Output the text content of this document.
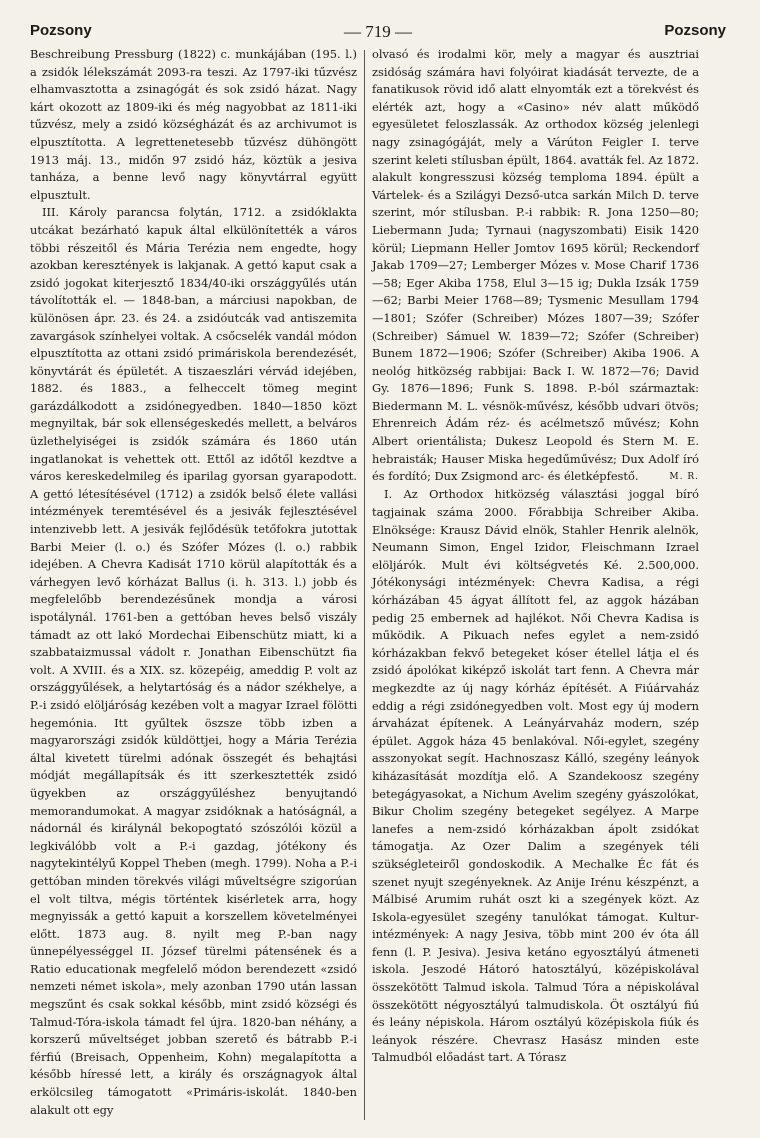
Pozsony	— 719 —	Pozsony

Beschreibung Pressburg (1822) c. munkájában (195. l.) a zsidók lélekszámát 2093-ra teszi. Az 1797-iki tűzvész elhamvasztotta a zsinagógát és sok zsidó házat. Nagy kárt okozott az 1809-iki és még nagyobbat az 1811-iki tűzvész, mely a zsidó községházát és az archivumot is elpusztította. A legrettenetesebb tűzvész dühöngött 1913 máj. 13., midőn 97 zsidó ház, köztük a jesiva tanháza, a benne levő nagy könyvtárral együtt elpusztult.

III. Károly parancsa folytán, 1712. a zsidóklakta utcákat bezárható kapuk által elkülönítették a város többi részeitől és Mária Terézia nem engedte, hogy azokban keresztények is lakjanak. A gettó kaput csak a zsidó jogokat kiterjesztő 1834/40-iki országgyűlés után távolították el. — 1848-ban, a márciusi napokban, de különösen ápr. 23. és 24. a zsidóutcák vad antiszemita zavargások színhelyei voltak. A csőcselék vandál módon elpusztította az ottani zsidó primáriskola berendezését, könyvtárát és épületét. A tiszaeszlári vérvád idejében, 1882. és 1883., a felheccelt tömeg megint garázdálkodott a zsidónegyedben. 1840—1850 közt megnyiltak, bár sok ellenségeskedés mellett, a belváros üzlethelyiségei is zsidók számára és 1860 után ingatlanokat is vehettek ott. Ettől az időtől kezdtve a város kereskedelmileg és iparilag gyorsan gyarapodott. A gettó létesítésével (1712) a zsidók belső élete vallási intézmények teremtésével és a jesivák fejlesztésével intenzivebb lett. A jesivák fejlődésük tetőfokra jutottak Barbi Meier (l. o.) és Szófer Mózes (l. o.) rabbik idejében. A Chevra Kadisát 1710 körül alapították és a várhegyen levő kórházat Ballus (i. h. 313. l.) jobb és megfelelőbb berendezésűnek mondja a városi ispotálynál. 1761-ben a gettóban heves belső viszály támadt az ott lakó Mordechai Eibenschütz miatt, ki a szabbataizmussal vádolt r. Jonathan Eibenschützt fia volt. A XVIII. és a XIX. sz. közepéig, ameddig P. volt az országgyűlések, a helytartóság és a nádor székhelye, a P.-i zsidó elöljáróság kezében volt a magyar Izrael fölötti hegemónia. Itt gyűltek öszsze több izben a magyarországi zsidók küldöttjei, hogy a Mária Terézia által kivetett türelmi adónak összegét és behajtási módját megállapítsák és itt szerkesztették zsidó ügyekben az országgyűléshez benyujtandó memorandumokat. A magyar zsidóknak a hatóságnál, a nádornál és királynál bekopogtató szószólói közül a legkiválóbb volt a P.-i gazdag, jótékony és nagytekintélyű Koppel Theben (megh. 1799). Noha a P.-i gettóban minden törekvés világi műveltségre szigorúan el volt tiltva, mégis történtek kisérletek arra, hogy megnyissák a gettó kapuit a korszellem követelményei előtt. 1873 aug. 8. nyilt meg P.-ban nagy ünnepélyességgel II. József türelmi pátensének és a Ratio educationak megfelelő módon berendezett «zsidó nemzeti német iskola», mely azonban 1790 után lassan megszűnt és csak sokkal később, mint zsidó községi és Talmud-Tóra-iskola támadt fel újra. 1820-ban néhány, a korszerű műveltséget jobban szerető és bátrabb P.-i férfiú (Breisach, Oppenheim, Kohn) megalapította a később híressé lett, a király és országnagyok által erkölcsileg támogatott «Primáris-iskolát. 1840-ben alakult ott egy

olvasó és irodalmi kör, mely a magyar és ausztriai zsidóság számára havi folyóirat kiadását tervezte, de a fanatikusok rövid idő alatt elnyomták ezt a törekvést és elérték azt, hogy a «Casino» név alatt működő egyesületet feloszlassák. Az orthodox község jelenlegi nagy zsinagógáját, mely a Várúton Feigler I. terve szerint keleti stílusban épült, 1864. avatták fel. Az 1872. alakult kongresszusi község temploma 1894. épült a Vártelek- és a Szilágyi Dezső-utca sarkán Milch D. terve szerint, mór stílusban. P.-i rabbik: R. Jona 1250—80; Liebermann Juda; Tyrnaui (nagyszombati) Eisik 1420 körül; Liepmann Heller Jomtov 1695 körül; Reckendorf Jakab 1709—27; Lemberger Mózes v. Mose Charif 1736—58; Eger Akiba 1758, Elul 3—15 ig; Dukla Izsák 1759—62; Barbi Meier 1768—89; Tysmenic Mesullam 1794—1801; Szófer (Schreiber) Mózes 1807—39; Szófer (Schreiber) Sámuel W. 1839—72; Szófer (Schreiber) Bunem 1872—1906; Szófer (Schreiber) Akiba 1906. A neológ hitközség rabbijai: Back I. W. 1872—76; David Gy. 1876—1896; Funk S. 1898. P.-ból származtak: Biedermann M. L. vésnök-művész, később udvari ötvös; Ehrenreich Ádám réz- és acélmetsző művész; Kohn Albert orientálista; Dukesz Leopold és Stern M. E. hebraisták; Hauser Miska hegedűművész; Dux Adolf író és fordító; Dux Zsigmond arc- és életképfestő.	M. R.

I. Az Orthodox hitközség választási joggal bíró tagjainak száma 2000. Főrabbija Schreiber Akiba. Elnöksége: Krausz Dávid elnök, Stahler Henrik alelnök, Neumann Simon, Engel Izidor, Fleischmann Izrael elöljárók. Mult évi költségvetés Ké. 2.500,000. Jótékonysági intézmények: Chevra Kadisa, a régi kórházában 45 ágyat állított fel, az aggok házában pedig 25 embernek ad hajlékot. Női Chevra Kadisa is működik. A Pikuach nefes egylet a nem-zsidó kórházakban fekvő betegeket kóser étellel látja el és zsidó ápolókat kiképző iskolát tart fenn. A Chevra már megkezdte az új nagy kórház építését. A Fiúárvaház eddig a régi zsidónegyedben volt. Most egy új modern árvaházat építenek. A Leányárvaház modern, szép épület. Aggok háza 45 benlakóval. Női-egylet, szegény asszonyokat segít. Hachnoszasz Kálló, szegény leányok kiházasítását mozdítja elő. A Szandekoosz szegény betegágyasokat, a Nichum Avelim szegény gyászolókat, Bikur Cholim szegény betegeket segélyez. A Marpe lanefes a nem-zsidó kórházakban ápolt zsidókat támogatja. Az Ozer Dalim a szegények téli szükségleteiről gondoskodik. A Mechalke Éc fát és szenet nyujt szegényeknek. Az Anije Irénu készpénzt, a Málbisé Arumim ruhát oszt ki a szegények közt. Az Iskola-egyesület szegény tanulókat támogat. Kultur-intézmények: A nagy Jesiva, több mint 200 év óta áll fenn (l. P. Jesiva). Jesiva ketáno egyosztályú átmeneti iskola. Jeszodé Hátoró hatosztályú, középiskolával összekötött Talmud iskola. Talmud Tóra a népiskolával összekötött négyosztályú talmudiskola. Öt osztályú fiú és leány népiskola. Három osztályú középiskola fiúk és leányok részére. Chevrasz Hasász minden este Talmudból előadást tart. A Tórasz
